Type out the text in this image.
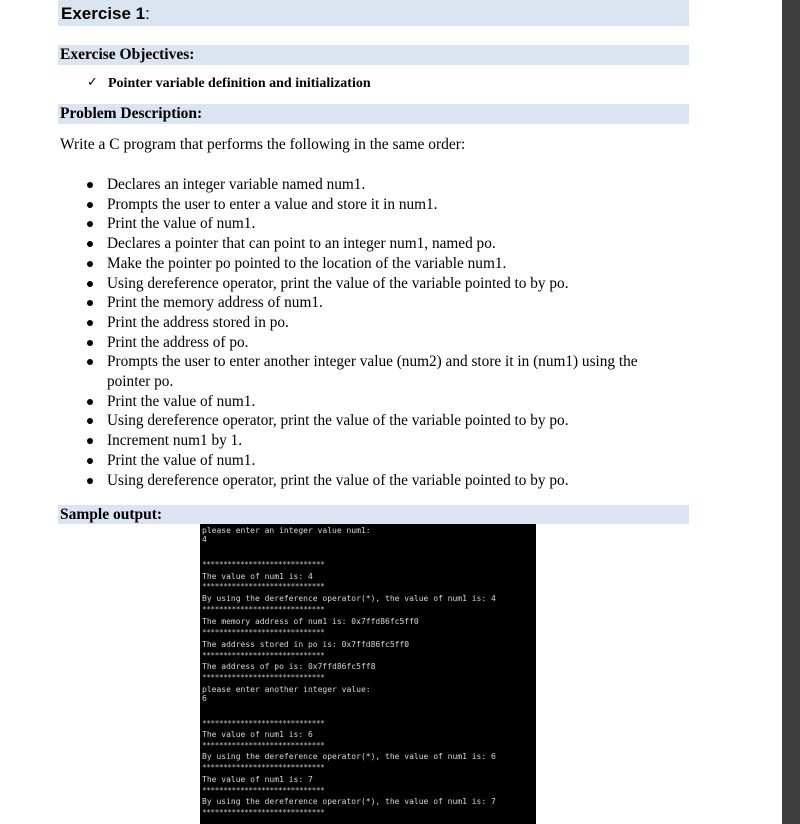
Exercise 1:
Exercise Objectives:
✓ Pointer variable definition and initialization
Problem Description:
Write a C program that performs the following in the same order:
Declares an integer variable named num1.
Prompts the user to enter a value and store it in num1.
Print the value of num1.
Declares a pointer that can point to an integer num1, named po.
Make the pointer po pointed to the location of the variable num1.
Using dereference operator, print the value of the variable pointed to by po.
Print the memory address of num1.
Print the address stored in po.
Print the address of po.
Prompts the user to enter another integer value (num2) and store it in (num1) using the pointer po.
Print the value of num1.
Using dereference operator, print the value of the variable pointed to by po.
Increment num1 by 1.
Print the value of num1.
Using dereference operator, print the value of the variable pointed to by po.
Sample output:
please enter an integer value num1:
4
*****************************
The value of num1 is: 4
*****************************
By using the dereference operator(*), the value of num1 is: 4
*****************************
The memory address of num1 is: 0x7ffd86fc5ff0
*****************************
The address stored in po is: 0x7ffd86fc5ff0
*****************************
The address of po is: 0x7ffd86fc5ff8
*****************************
please enter another integer value:
6
*****************************
The value of num1 is: 6
*****************************
By using the dereference operator(*), the value of num1 is: 6
*****************************
The value of num1 is: 7
*****************************
By using the dereference operator(*), the value of num1 is: 7
*****************************
